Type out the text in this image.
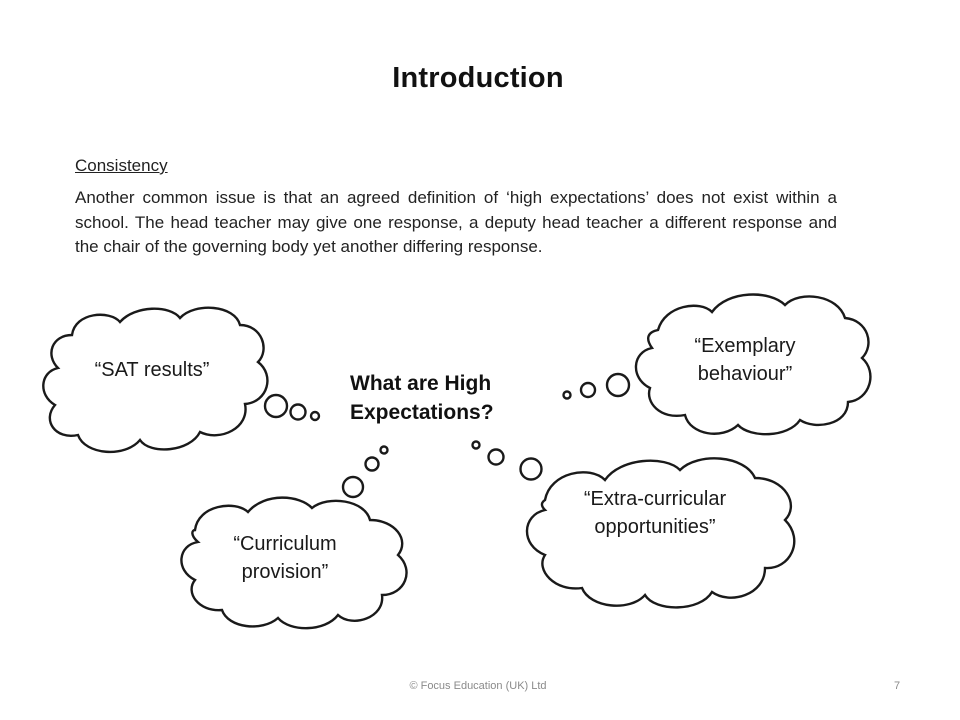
Introduction
Consistency
Another common issue is that an agreed definition of ‘high expectations’ does not exist within a school. The head teacher may give one response, a deputy head teacher a different response and the chair of the governing body yet another differing response.
“SAT results”
“Exemplary behaviour”
“Curriculum provision”
“Extra-curricular opportunities”
What are High Expectations?
© Focus Education (UK) Ltd	7
